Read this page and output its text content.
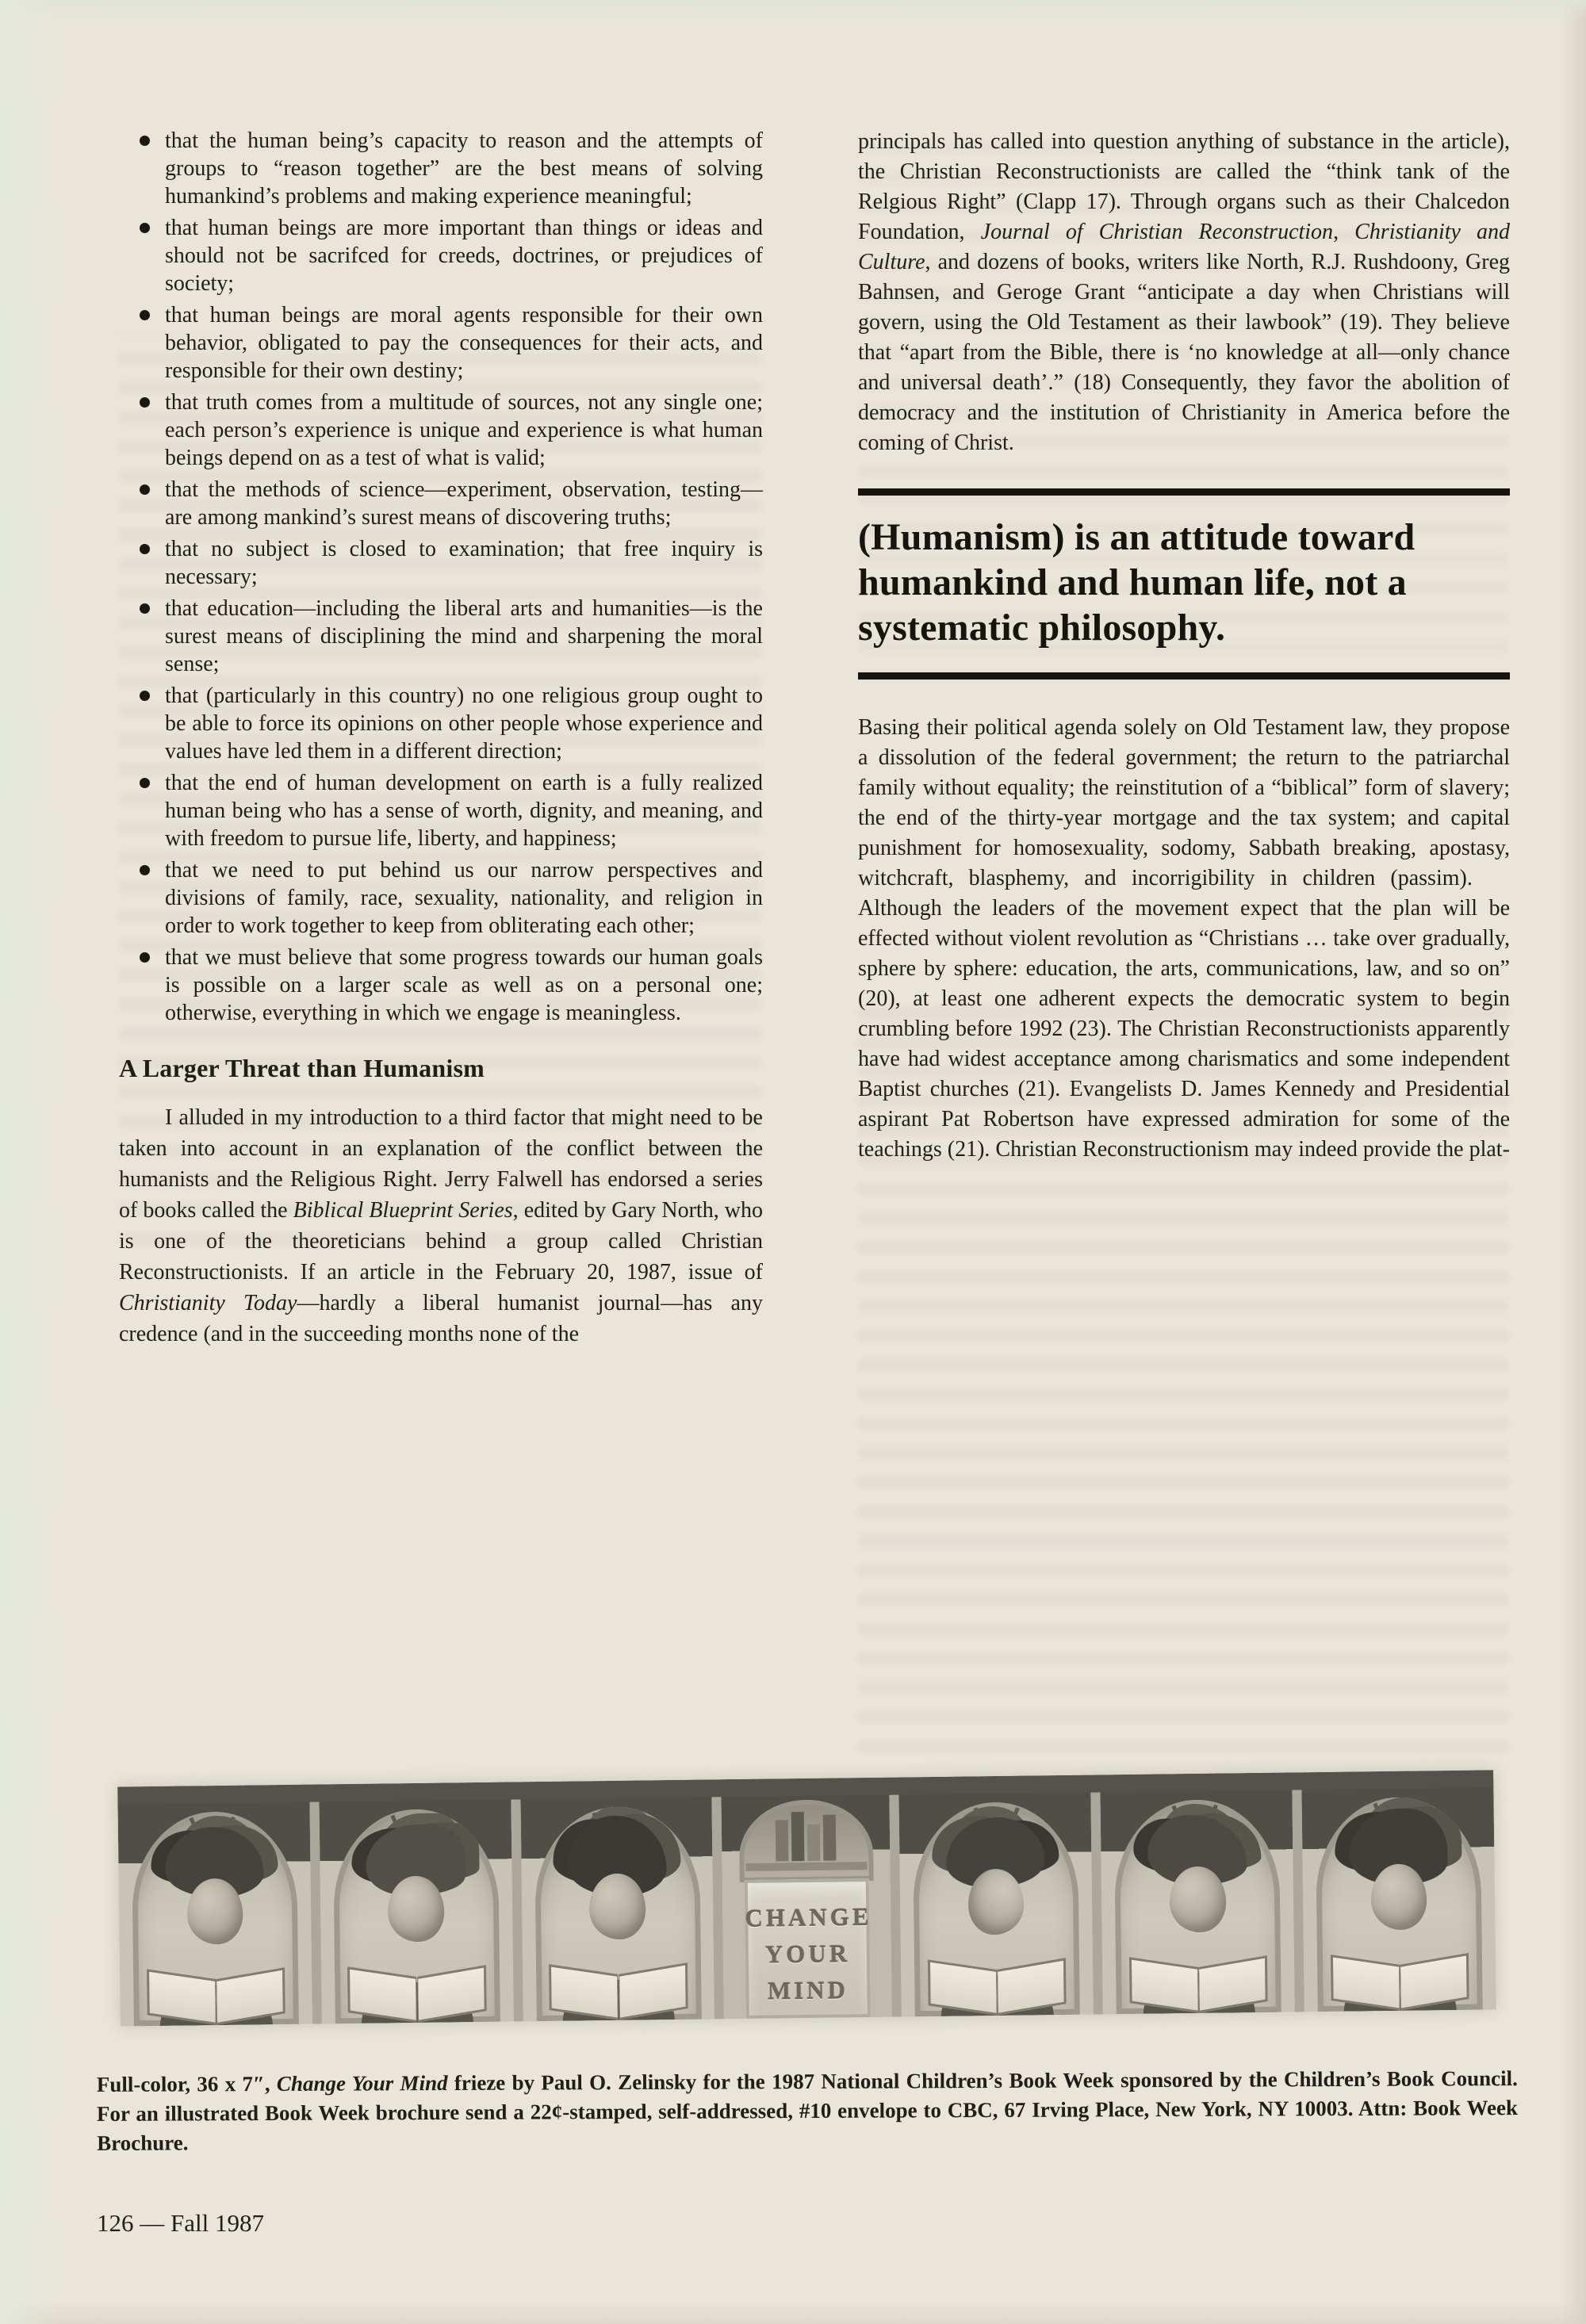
that the human being’s capacity to reason and the attempts of groups to “reason together” are the best means of solving humankind’s problems and making experience meaningful;
that human beings are more important than things or ideas and should not be sacrifced for creeds, doctrines, or prejudices of society;
that human beings are moral agents responsible for their own behavior, obligated to pay the consequences for their acts, and responsible for their own destiny;
that truth comes from a multitude of sources, not any single one; each person’s experience is unique and experience is what human beings depend on as a test of what is valid;
that the methods of science—experiment, observation, testing—are among mankind’s surest means of discovering truths;
that no subject is closed to examination; that free inquiry is necessary;
that education—including the liberal arts and humanities—is the surest means of disciplining the mind and sharpening the moral sense;
that (particularly in this country) no one religious group ought to be able to force its opinions on other people whose experience and values have led them in a different direction;
that the end of human development on earth is a fully realized human being who has a sense of worth, dignity, and meaning, and with freedom to pursue life, liberty, and happiness;
that we need to put behind us our narrow perspectives and divisions of family, race, sexuality, nationality, and religion in order to work together to keep from obliterating each other;
that we must believe that some progress towards our human goals is possible on a larger scale as well as on a personal one; otherwise, everything in which we engage is meaningless.
A Larger Threat than Humanism

I alluded in my introduction to a third factor that might need to be taken into account in an explanation of the conflict between the humanists and the Religious Right. Jerry Falwell has endorsed a series of books called the Biblical Blueprint Series, edited by Gary North, who is one of the theoreticians behind a group called Christian Reconstructionists. If an article in the February 20, 1987, issue of Christianity Today—hardly a liberal humanist journal—has any credence (and in the succeeding months none of the

principals has called into question anything of substance in the article), the Christian Reconstructionists are called the “think tank of the Relgious Right” (Clapp 17). Through organs such as their Chalcedon Foundation, Journal of Christian Reconstruction, Christianity and Culture, and dozens of books, writers like North, R.J. Rushdoony, Greg Bahnsen, and Geroge Grant “anticipate a day when Christians will govern, using the Old Testament as their lawbook” (19). They believe that “apart from the Bible, there is ‘no knowledge at all—only chance and universal death’.” (18) Consequently, they favor the abolition of democracy and the institution of Christianity in America before the coming of Christ.

(Humanism) is an attitude toward humankind and human life, not a systematic philosophy.

Basing their political agenda solely on Old Testament law, they propose a dissolution of the federal government; the return to the patriarchal family without equality; the reinstitution of a “biblical” form of slavery; the end of the thirty-year mortgage and the tax system; and capital punishment for homosexuality, sodomy, Sabbath breaking, apostasy, witchcraft, blasphemy, and incorrigibility in children (passim).  Although the leaders of the movement expect that the plan will be effected without violent revolution as “Christians … take over gradually, sphere by sphere: education, the arts, communications, law, and so on” (20), at least one adherent expects the democratic system to begin crumbling before 1992 (23). The Christian Reconstructionists apparently have had widest acceptance among charismatics and some independent Baptist churches (21). Evangelists D. James Kennedy and Presidential aspirant Pat Robertson have expressed admiration for some of the teachings (21). Christian Reconstructionism may indeed provide the plat-

CHANGE
YOUR
MIND

Full-color, 36 x 7″, Change Your Mind frieze by Paul O. Zelinsky for the 1987 National Children’s Book Week sponsored by the Children’s Book Council. For an illustrated Book Week brochure send a 22¢-stamped, self-addressed, #10 envelope to CBC, 67 Irving Place, New York, NY 10003. Attn: Book Week Brochure.

126 — Fall 1987
